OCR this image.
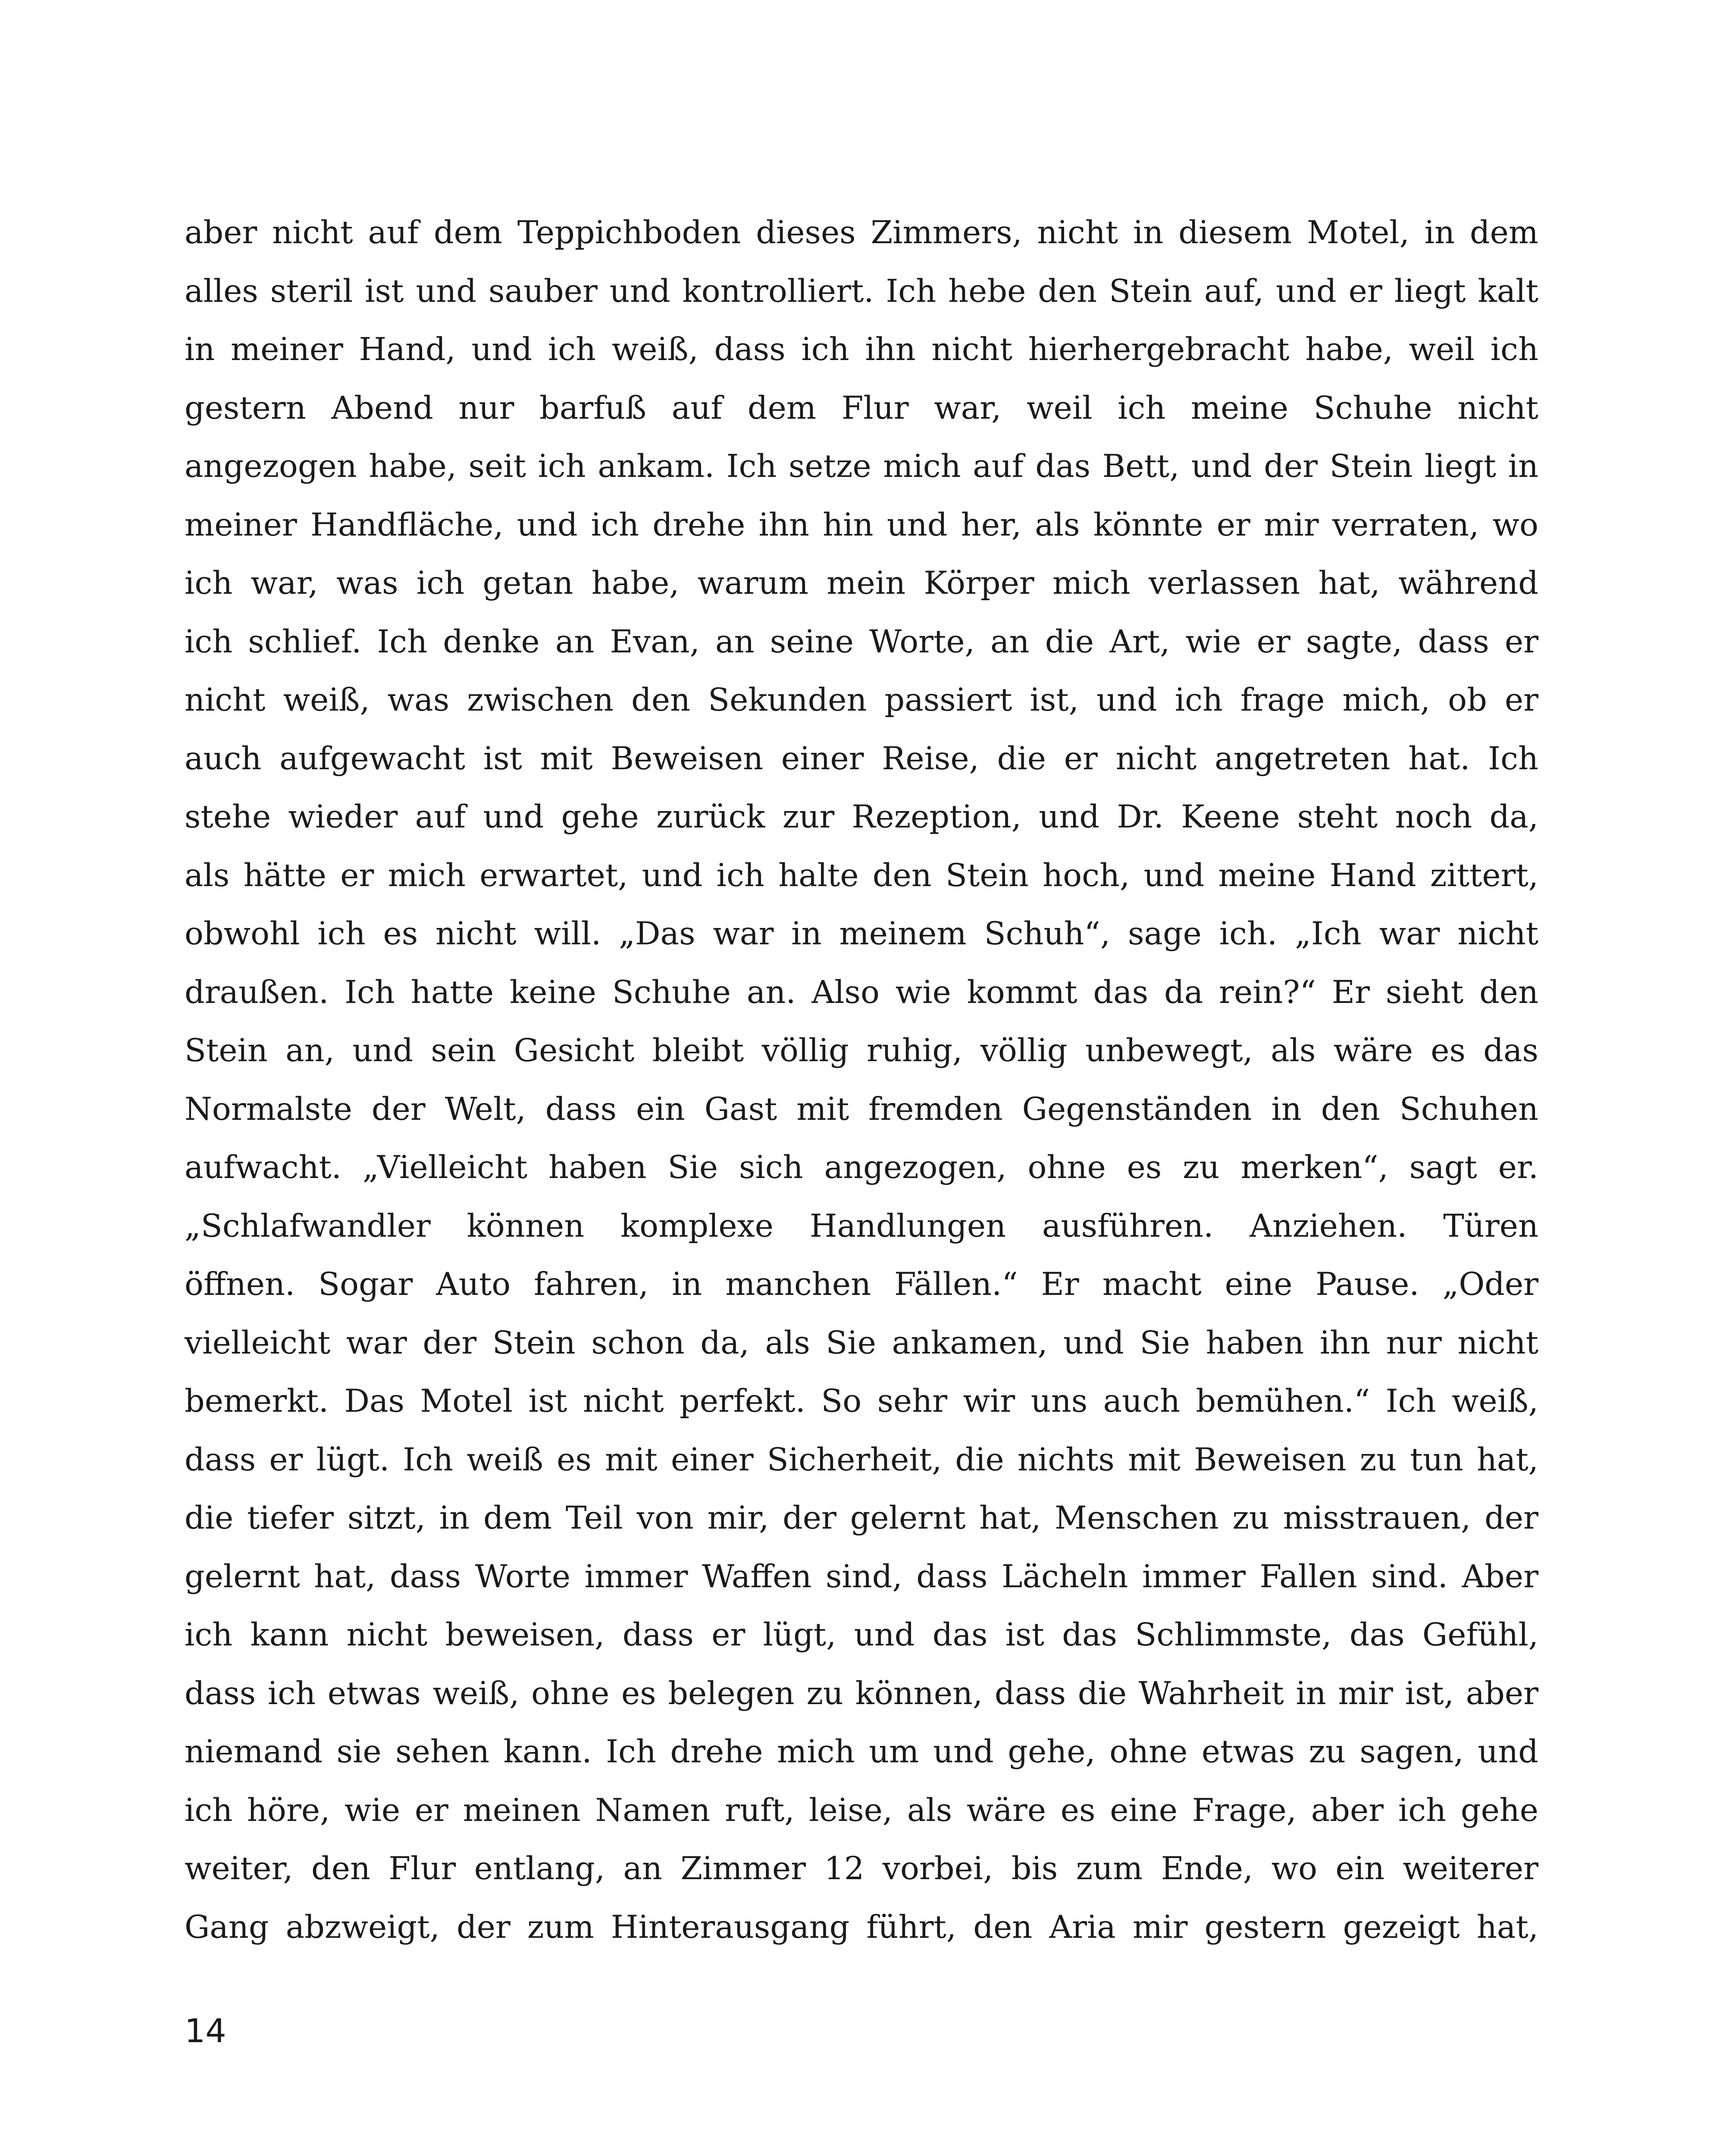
aber nicht auf dem Teppichboden dieses Zimmers, nicht in diesem Motel, in dem
alles steril ist und sauber und kontrolliert. Ich hebe den Stein auf, und er liegt kalt
in meiner Hand, und ich weiß, dass ich ihn nicht hierhergebracht habe, weil ich
gestern Abend nur barfuß auf dem Flur war, weil ich meine Schuhe nicht
angezogen habe, seit ich ankam. Ich setze mich auf das Bett, und der Stein liegt in
meiner Handfläche, und ich drehe ihn hin und her, als könnte er mir verraten, wo
ich war, was ich getan habe, warum mein Körper mich verlassen hat, während
ich schlief. Ich denke an Evan, an seine Worte, an die Art, wie er sagte, dass er
nicht weiß, was zwischen den Sekunden passiert ist, und ich frage mich, ob er
auch aufgewacht ist mit Beweisen einer Reise, die er nicht angetreten hat. Ich
stehe wieder auf und gehe zurück zur Rezeption, und Dr. Keene steht noch da,
als hätte er mich erwartet, und ich halte den Stein hoch, und meine Hand zittert,
obwohl ich es nicht will. „Das war in meinem Schuh“, sage ich. „Ich war nicht
draußen. Ich hatte keine Schuhe an. Also wie kommt das da rein?“ Er sieht den
Stein an, und sein Gesicht bleibt völlig ruhig, völlig unbewegt, als wäre es das
Normalste der Welt, dass ein Gast mit fremden Gegenständen in den Schuhen
aufwacht. „Vielleicht haben Sie sich angezogen, ohne es zu merken“, sagt er.
„Schlafwandler können komplexe Handlungen ausführen. Anziehen. Türen
öffnen. Sogar Auto fahren, in manchen Fällen.“ Er macht eine Pause. „Oder
vielleicht war der Stein schon da, als Sie ankamen, und Sie haben ihn nur nicht
bemerkt. Das Motel ist nicht perfekt. So sehr wir uns auch bemühen.“ Ich weiß,
dass er lügt. Ich weiß es mit einer Sicherheit, die nichts mit Beweisen zu tun hat,
die tiefer sitzt, in dem Teil von mir, der gelernt hat, Menschen zu misstrauen, der
gelernt hat, dass Worte immer Waffen sind, dass Lächeln immer Fallen sind. Aber
ich kann nicht beweisen, dass er lügt, und das ist das Schlimmste, das Gefühl,
dass ich etwas weiß, ohne es belegen zu können, dass die Wahrheit in mir ist, aber
niemand sie sehen kann. Ich drehe mich um und gehe, ohne etwas zu sagen, und
ich höre, wie er meinen Namen ruft, leise, als wäre es eine Frage, aber ich gehe
weiter, den Flur entlang, an Zimmer 12 vorbei, bis zum Ende, wo ein weiterer
Gang abzweigt, der zum Hinterausgang führt, den Aria mir gestern gezeigt hat,
14
